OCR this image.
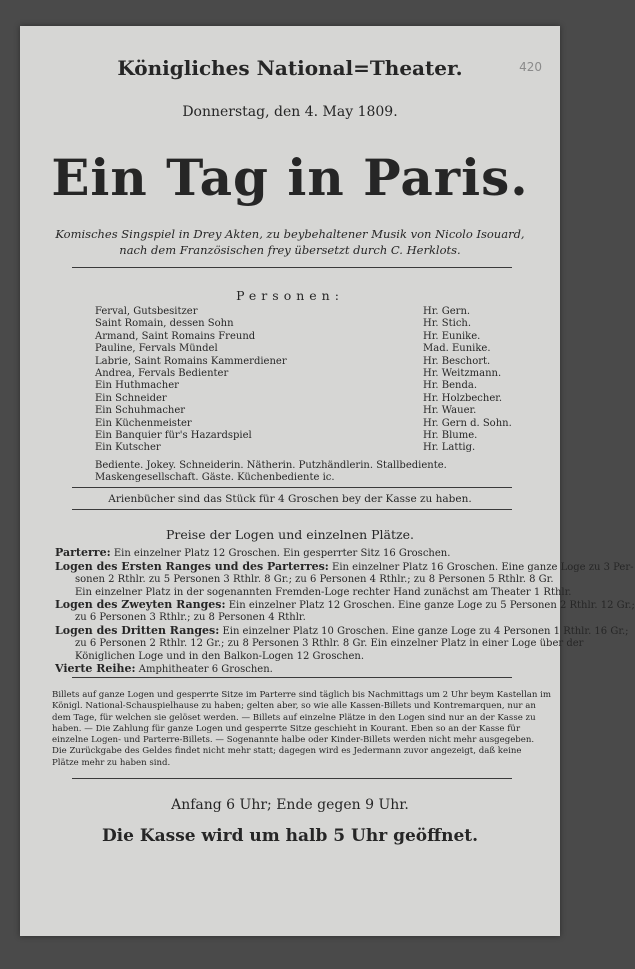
420
Königliches National=Theater.
Donnerstag, den 4. May 1809.
Ein Tag in Paris.
Komisches Singspiel in Drey Akten, zu beybehaltener Musik von Nicolo Isouard,
nach dem Französischen frey übersetzt durch C. Herklots.
Personen:
Ferval, Gutsbesitzer	Hr. Gern.
Saint Romain, dessen Sohn	Hr. Stich.
Armand, Saint Romains Freund	Hr. Eunike.
Pauline, Fervals Mündel	Mad. Eunike.
Labrie, Saint Romains Kammerdiener	Hr. Beschort.
Andrea, Fervals Bedienter	Hr. Weitzmann.
Ein Huthmacher	Hr. Benda.
Ein Schneider	Hr. Holzbecher.
Ein Schuhmacher	Hr. Wauer.
Ein Küchenmeister	Hr. Gern d. Sohn.
Ein Banquier für's Hazardspiel	Hr. Blume.
Ein Kutscher	Hr. Lattig.
Bediente. Jokey. Schneiderin. Nätherin. Putzhändlerin. Stallbediente.
Maskengesellschaft. Gäste. Küchenbediente ic.
Arienbücher sind das Stück für 4 Groschen bey der Kasse zu haben.
Preise der Logen und einzelnen Plätze.
Parterre: Ein einzelner Platz 12 Groschen. Ein gesperrter Sitz 16 Groschen.
Logen des Ersten Ranges und des Parterres: Ein einzelner Platz 16 Groschen. Eine ganze Loge zu 3 Per-
sonen 2 Rthlr. zu 5 Personen 3 Rthlr. 8 Gr.; zu 6 Personen 4 Rthlr.; zu 8 Personen 5 Rthlr. 8 Gr.
Ein einzelner Platz in der sogenannten Fremden-Loge rechter Hand zunächst am Theater 1 Rthlr.
Logen des Zweyten Ranges: Ein einzelner Platz 12 Groschen. Eine ganze Loge zu 5 Personen 2 Rthlr. 12 Gr.;
zu 6 Personen 3 Rthlr.; zu 8 Personen 4 Rthlr.
Logen des Dritten Ranges: Ein einzelner Platz 10 Groschen. Eine ganze Loge zu 4 Personen 1 Rthlr. 16 Gr.;
zu 6 Personen 2 Rthlr. 12 Gr.; zu 8 Personen 3 Rthlr. 8 Gr. Ein einzelner Platz in einer Loge über der
Königlichen Loge und in den Balkon-Logen 12 Groschen.
Vierte Reihe: Amphitheater 6 Groschen.
Billets auf ganze Logen und gesperrte Sitze im Parterre sind täglich bis Nachmittags um 2 Uhr beym Kastellan im
Königl. National-Schauspielhause zu haben; gelten aber, so wie alle Kassen-Billets und Kontremarquen, nur an
dem Tage, für welchen sie gelöset werden. — Billets auf einzelne Plätze in den Logen sind nur an der Kasse zu
haben. — Die Zahlung für ganze Logen und gesperrte Sitze geschieht in Kourant. Eben so an der Kasse für
einzelne Logen- und Parterre-Billets. — Sogenannte halbe oder Kinder-Billets werden nicht mehr ausgegeben.
Die Zurückgabe des Geldes findet nicht mehr statt; dagegen wird es Jedermann zuvor angezeigt, daß keine
Plätze mehr zu haben sind.
Anfang 6 Uhr; Ende gegen 9 Uhr.
Die Kasse wird um halb 5 Uhr geöffnet.
